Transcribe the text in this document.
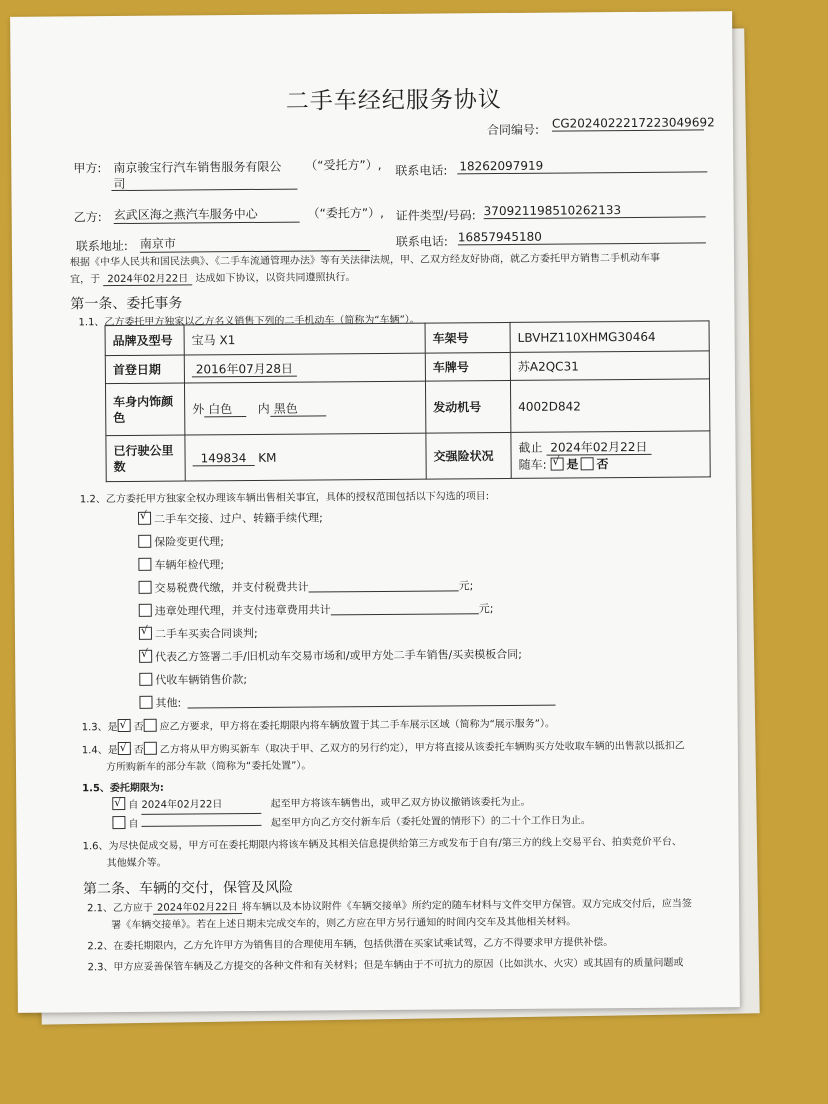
二手车经纪服务协议
合同编号: CG20240222172230496​92
甲方: 南京骏宝行汽车销售服务有限公
司
（“受托方”）, 联系电话: 18262097919
乙方: 玄武区海之燕汽车服务中心	（“委托方”）, 证件类型/号码: 370921198510262133
联系地址: 南京市	联系电话: 16857945180
根据《中华人民共和国民法典》、《二手车流通管理办法》等有关法律法规，甲、乙双方经友好协商，就乙方委托甲方销售二手机动车事
宜，于 2024年02月22日 达成如下协议，以资共同遵照执行。
第一条、委托事务
1.1、乙方委托甲方独家以乙方名义销售下列的二手机动车（简称为“车辆”）。
品牌及型号	宝马 X1	车架号	LBVHZ110XHMG30464
首登日期	2016年07月28日	车牌号	苏A2QC31
车身内饰颜色	外 白色 内 黑色	发动机号	4002D842
已行驶公里数	149834 KM	交强险状况	截止 2024年02月22日
随车: √ 是 否
1.2、乙方委托甲方独家全权办理该车辆出售相关事宜，具体的授权范围包括以下勾选的项目:
√二手车交接、过户、转籍手续代理;
保险变更代理;
车辆年检代理;
交易税费代缴，并支付税费共计	元;
违章处理代理，并支付违章费用共计	元;
√二手车买卖合同谈判;
√代表乙方签署二手/旧机动车交易市场和/或甲方处二手车销售/买卖模板合同;
代收车辆销售价款;
其他:
1.3、是 √ 否 应乙方要求，甲方将在委托期限内将车辆放置于其二手车展示区域（简称为“展示服务”）。
1.4、是 √ 否 乙方将从甲方购买新车（取决于甲、乙双方的另行约定），甲方将直接从该委托车辆购买方处收取车辆的出售款以抵扣乙
方所购新车的部分车款（简称为“委托处置”）。
1.5、委托期限为:
√自 2024年02月22日	起至甲方将该车辆售出，或甲乙双方协议撤销该委托为止。
自	起至甲方向乙方交付新车后（委托处置的情形下）的二十个工作日为止。
1.6、为尽快促成交易，甲方可在委托期限内将该车辆及其相关信息提供给第三方或发布于自有/第三方的线上交易平台、拍卖竞价平台、
其他媒介等。
第二条、车辆的交付，保管及风险
2.1、乙方应于 2024年02月22日 将车辆以及本协议附件《车辆交接单》所约定的随车材料与文件交甲方保管。双方完成交付后，应当签
署《车辆交接单》。若在上述日期未完成交车的，则乙方应在甲方另行通知的时间内交车及其他相关材料。
2.2、在委托期限内，乙方允许甲方为销售目的合理使用车辆，包括供潜在买家试乘试驾，乙方不得要求甲方提供补偿。
2.3、甲方应妥善保管车辆及乙方提交的各种文件和有关材料；但是车辆由于不可抗力的原因（比如洪水、火灾）或其固有的质量问题或
